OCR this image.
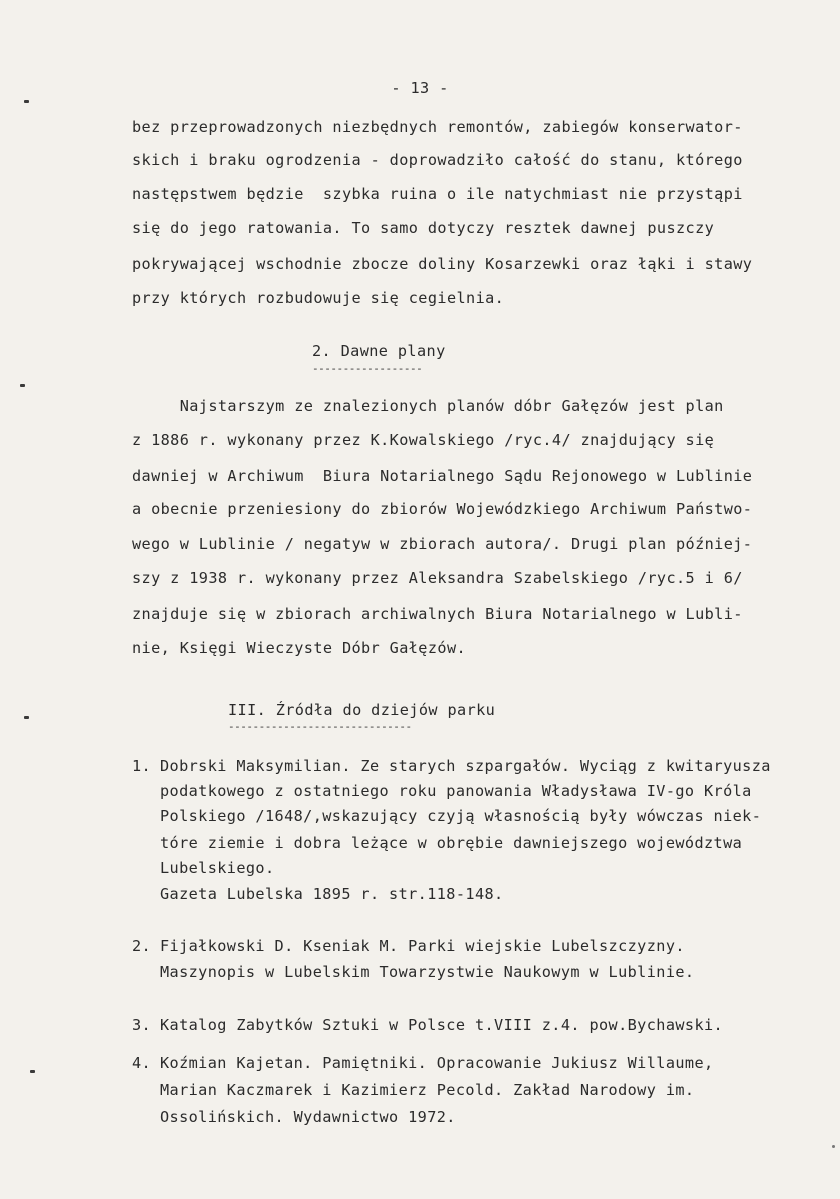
- 13 -
bez przeprowadzonych niezbędnych remontów, zabiegów konserwator-
skich i braku ogrodzenia - doprowadziło całość do stanu, którego
następstwem będzie  szybka ruina o ile natychmiast nie przystąpi
się do jego ratowania. To samo dotyczy resztek dawnej puszczy
pokrywającej wschodnie zbocze doliny Kosarzewki oraz łąki i stawy
przy których rozbudowuje się cegielnia.
2. Dawne plany
------------------
Najstarszym ze znalezionych planów dóbr Gałęzów jest plan
z 1886 r. wykonany przez K.Kowalskiego /ryc.4/ znajdujący się
dawniej w Archiwum  Biura Notarialnego Sądu Rejonowego w Lublinie
a obecnie przeniesiony do zbiorów Wojewódzkiego Archiwum Państwo-
wego w Lublinie / negatyw w zbiorach autora/. Drugi plan później-
szy z 1938 r. wykonany przez Aleksandra Szabelskiego /ryc.5 i 6/
znajduje się w zbiorach archiwalnych Biura Notarialnego w Lubli-
nie, Księgi Wieczyste Dóbr Gałęzów.
III. Źródła do dziejów parku
------------------------------
1. Dobrski Maksymilian. Ze starych szpargałów. Wyciąg z kwitaryusza
podatkowego z ostatniego roku panowania Władysława IV-go Króla
Polskiego /1648/,wskazujący czyją własnością były wówczas niek-
tóre ziemie i dobra leżące w obrębie dawniejszego województwa
Lubelskiego.
Gazeta Lubelska 1895 r. str.118-148.
2. Fijałkowski D. Kseniak M. Parki wiejskie Lubelszczyzny.
Maszynopis w Lubelskim Towarzystwie Naukowym w Lublinie.
3. Katalog Zabytków Sztuki w Polsce t.VIII z.4. pow.Bychawski.
4. Koźmian Kajetan. Pamiętniki. Opracowanie Jukiusz Willaume,
Marian Kaczmarek i Kazimierz Pecold. Zakład Narodowy im.
Ossolińskich. Wydawnictwo 1972.
